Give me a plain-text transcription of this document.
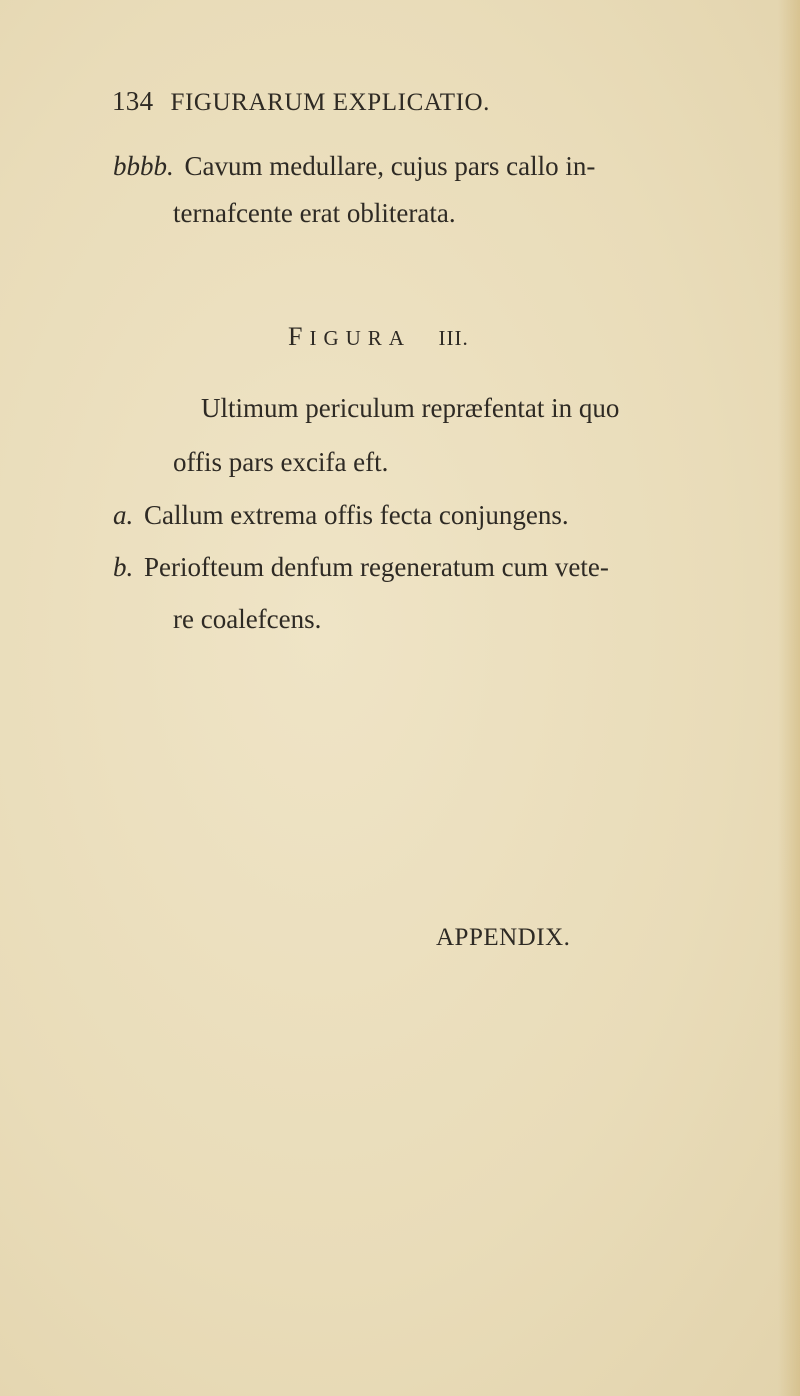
134 FIGURARUM EXPLICATIO.
bbbb. Cavum medullare, cujus pars callo in-
ternafcente erat obliterata.
FIGURA III.
Ultimum periculum repræfentat in quo
offis pars excifa eft.
a. Callum extrema offis fecta conjungens.
b. Periofteum denfum regeneratum cum vete-
re coalefcens.
APPENDIX.
